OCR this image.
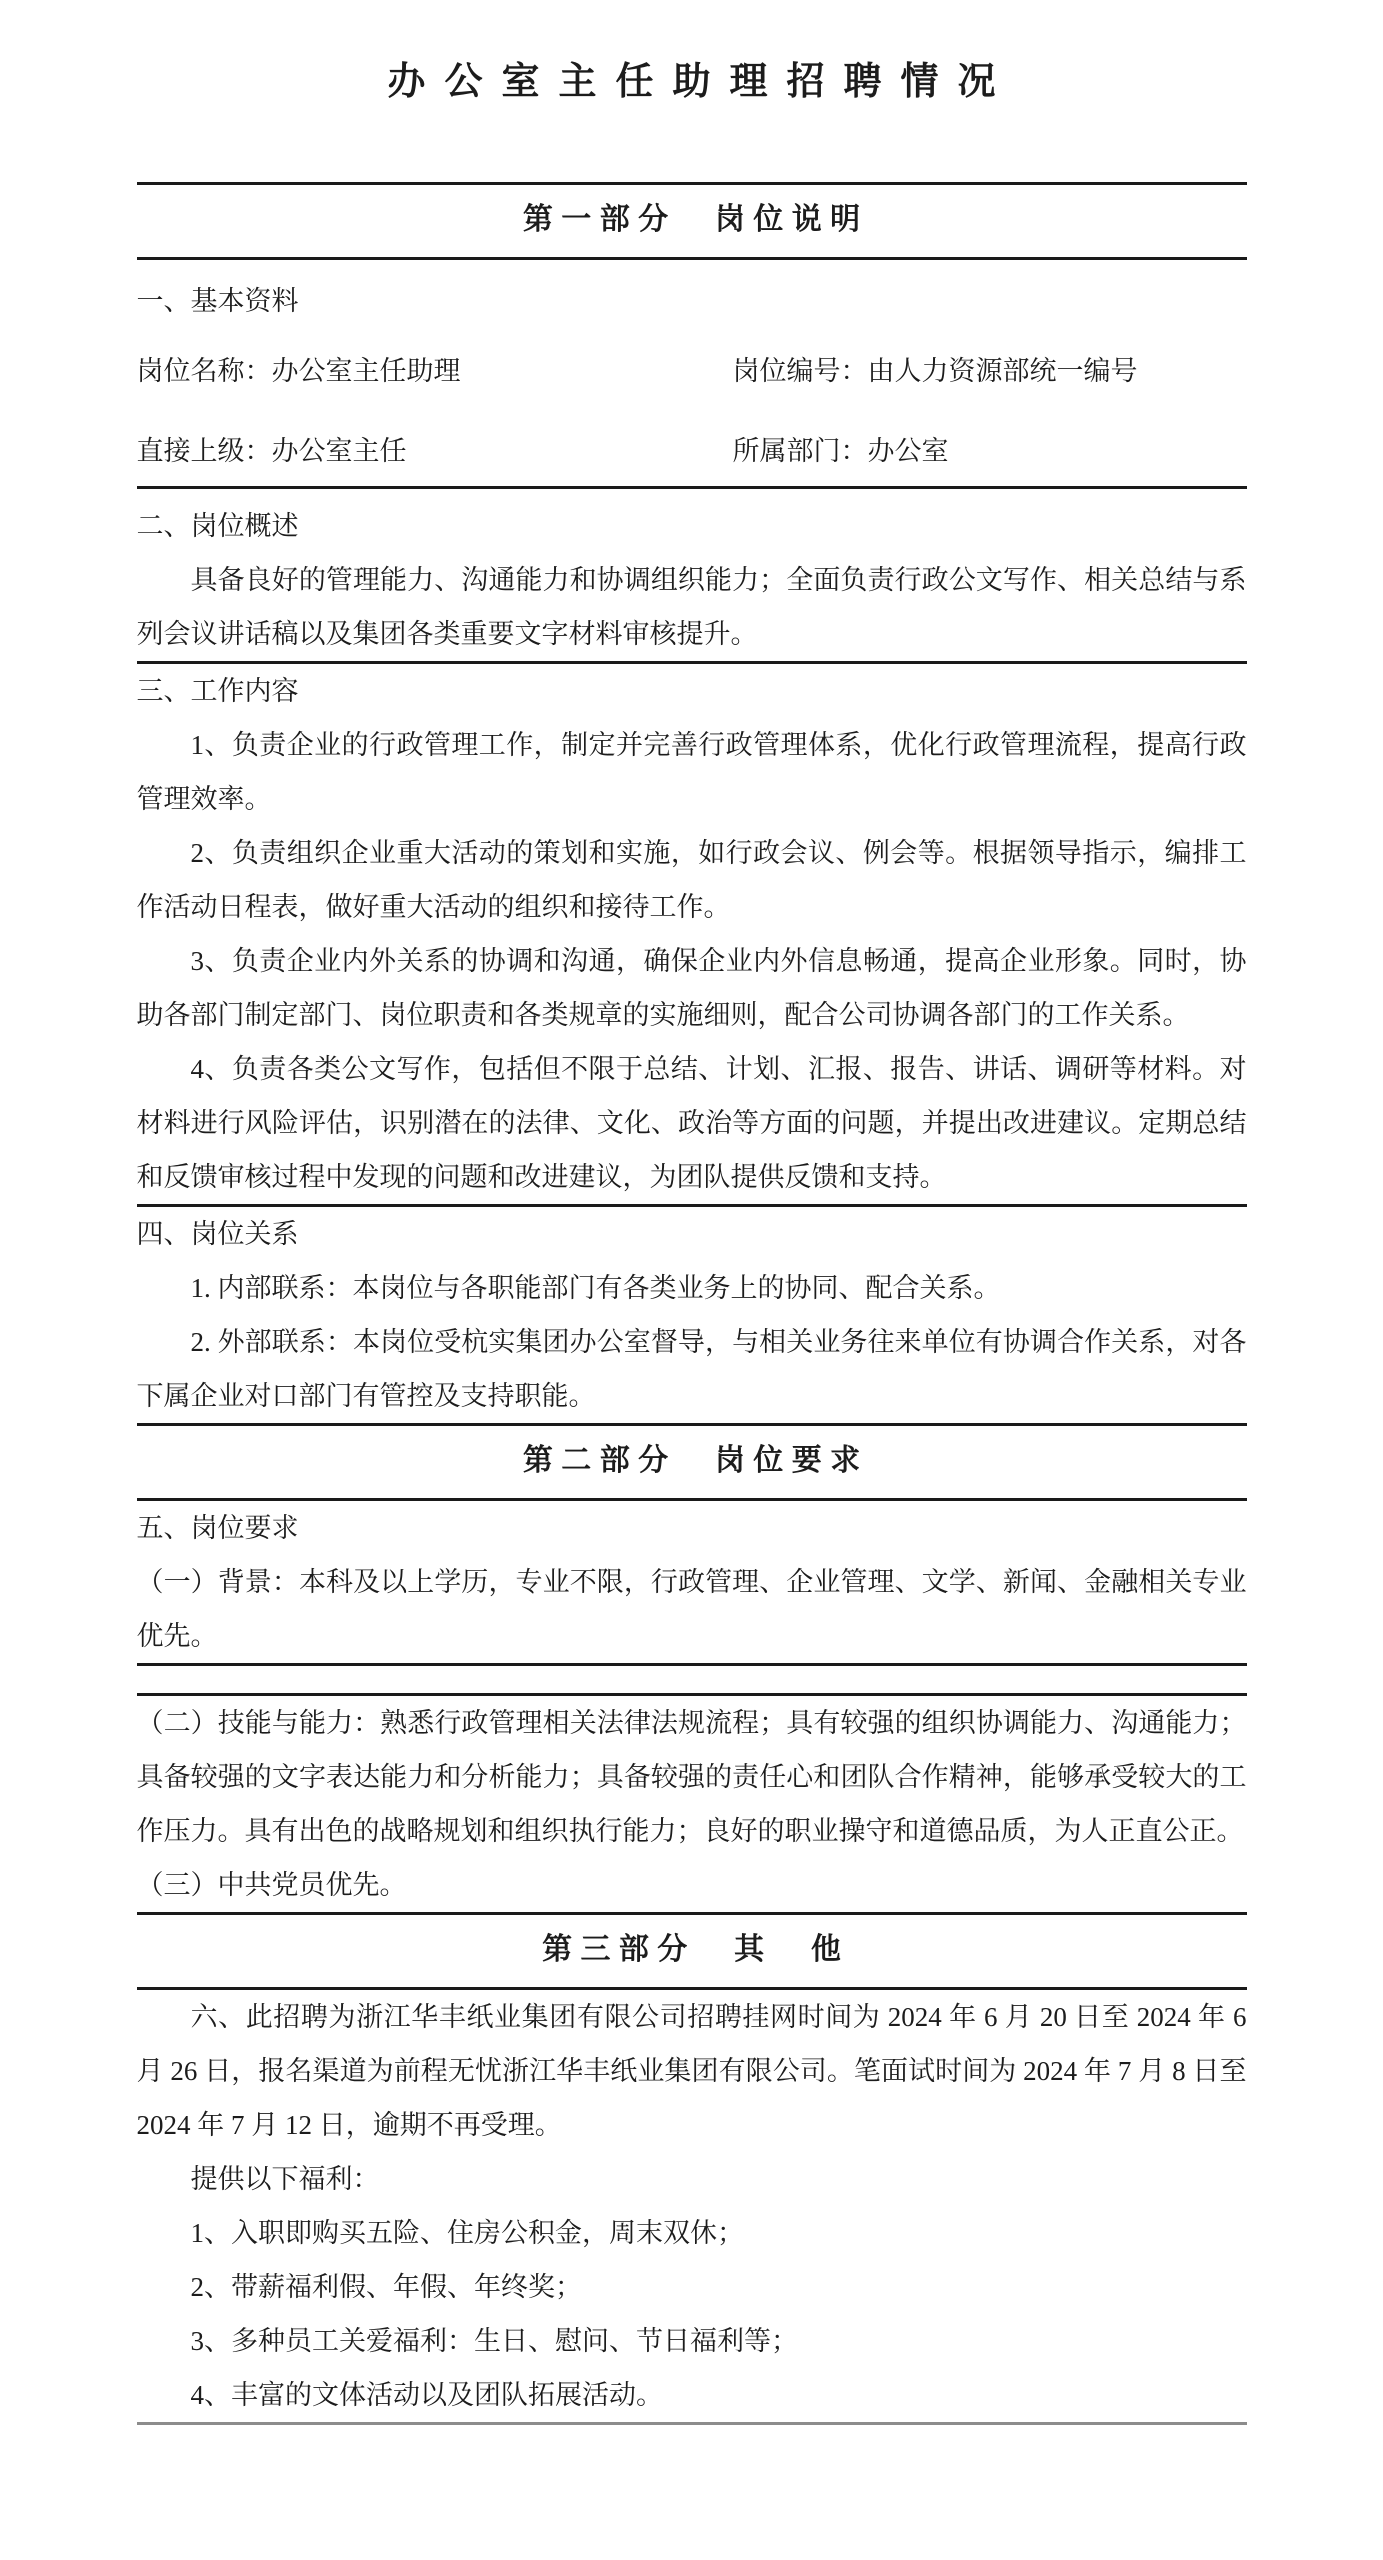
办公室主任助理招聘情况
第一部分　岗位说明
一、基本资料
岗位名称：办公室主任助理	岗位编号：由人力资源部统一编号
直接上级：办公室主任	所属部门：办公室
二、岗位概述

具备良好的管理能力、沟通能力和协调组织能力；全面负责行政公文写作、相关总结与系列会议讲话稿以及集团各类重要文字材料审核提升。

三、工作内容

1、负责企业的行政管理工作，制定并完善行政管理体系，优化行政管理流程，提高行政管理效率。

2、负责组织企业重大活动的策划和实施，如行政会议、例会等。根据领导指示，编排工作活动日程表，做好重大活动的组织和接待工作。

3、负责企业内外关系的协调和沟通，确保企业内外信息畅通，提高企业形象。同时，协助各部门制定部门、岗位职责和各类规章的实施细则，配合公司协调各部门的工作关系。

4、负责各类公文写作，包括但不限于总结、计划、汇报、报告、讲话、调研等材料。对材料进行风险评估，识别潜在的法律、文化、政治等方面的问题，并提出改进建议。定期总结和反馈审核过程中发现的问题和改进建议，为团队提供反馈和支持。

四、岗位关系

1. 内部联系：本岗位与各职能部门有各类业务上的协同、配合关系。

2. 外部联系：本岗位受杭实集团办公室督导，与相关业务往来单位有协调合作关系，对各下属企业对口部门有管控及支持职能。

第二部分　岗位要求
五、岗位要求

（一）背景：本科及以上学历，专业不限，行政管理、企业管理、文学、新闻、金融相关专业优先。

（二）技能与能力：熟悉行政管理相关法律法规流程；具有较强的组织协调能力、沟通能力；具备较强的文字表达能力和分析能力；具备较强的责任心和团队合作精神，能够承受较大的工作压力。具有出色的战略规划和组织执行能力；良好的职业操守和道德品质，为人正直公正。

（三）中共党员优先。

第三部分　其　他

六、此招聘为浙江华丰纸业集团有限公司招聘挂网时间为 2024 年 6 月 20 日至 2024 年 6 月 26 日，报名渠道为前程无忧浙江华丰纸业集团有限公司。笔面试时间为 2024 年 7 月 8 日至 2024 年 7 月 12 日，逾期不再受理。

提供以下福利：

1、入职即购买五险、住房公积金，周末双休；

2、带薪福利假、年假、年终奖；

3、多种员工关爱福利：生日、慰问、节日福利等；

4、丰富的文体活动以及团队拓展活动。
